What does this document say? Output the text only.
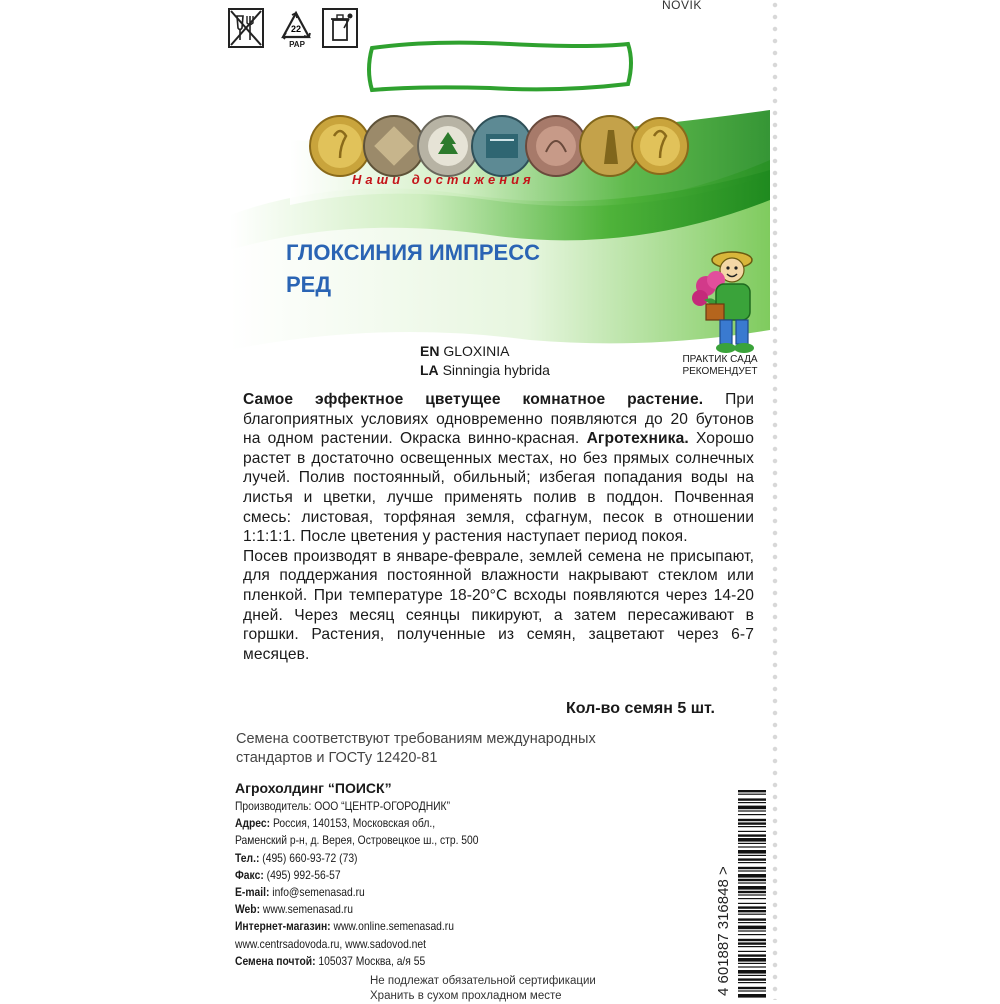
22
PAP
NOVIK
Наши достижения
ГЛОКСИНИЯ ИМПРЕСС
РЕД
ПРАКТИК САДА
РЕКОМЕНДУЕТ
EN GLOXINIA
LA Sinningia hybrida

Самое эффектное цветущее комнатное растение. При благоприятных условиях одновременно появляются до 20 бутонов на одном растении. Окраска винно-красная. Агротехника. Хорошо растет в достаточно освещенных местах, но без прямых солнечных лучей. Полив постоянный, обильный; избегая попадания воды на листья и цветки, лучше применять полив в поддон. Почвенная смесь: листовая, торфяная земля, сфагнум, песок в отношении 1:1:1:1. После цветения у растения наступает период покоя.

Посев производят в январе-феврале, землей семена не присыпают, для поддержания постоянной влажности накрывают стеклом или пленкой. При температуре 18-20°С всходы появляются через 14-20 дней. Через месяц сеянцы пикируют, а затем пересаживают в горшки. Растения, полученные из семян, зацветают через 6-7 месяцев.

Кол-во семян 5 шт.
Семена соответствуют требованиям международных
стандартов и ГОСТу 12420-81
Агрохолдинг “ПОИСК”
Производитель: ООО “ЦЕНТР-ОГОРОДНИК”
Адрес: Россия, 140153, Московская обл.,
Раменский р-н, д. Верея, Островецкое ш., стр. 500
Тел.: (495) 660-93-72 (73)
Факс: (495) 992-56-57
E-mail: info@semenasad.ru
Web: www.semenasad.ru
Интернет-магазин: www.online.semenasad.ru
www.centrsadovoda.ru, www.sadovod.net
Семена почтой: 105037 Москва, а/я 55	4 601887 316848 >
Не подлежат обязательной сертификации
Хранить в сухом прохладном месте
